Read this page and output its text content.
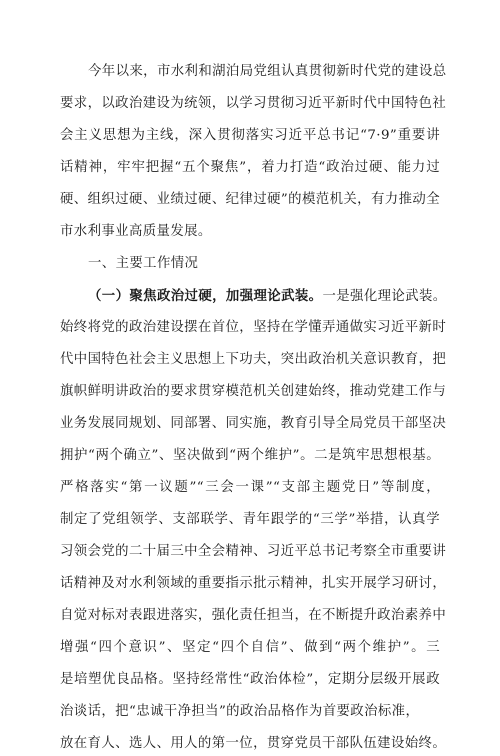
今年以来，市水利和湖泊局党组认真贯彻新时代党的建设总
要求，以政治建设为统领，以学习贯彻习近平新时代中国特色社
会主义思想为主线，深入贯彻落实习近平总书记“7·9”重要讲
话精神，牢牢把握“五个聚焦”，着力打造“政治过硬、能力过
硬、组织过硬、业绩过硬、纪律过硬”的模范机关，有力推动全
市水利事业高质量发展。
一、主要工作情况
（一）聚焦政治过硬，加强理论武装。一是强化理论武装。
始终将党的政治建设摆在首位，坚持在学懂弄通做实习近平新时
代中国特色社会主义思想上下功夫，突出政治机关意识教育，把
旗帜鲜明讲政治的要求贯穿模范机关创建始终，推动党建工作与
业务发展同规划、同部署、同实施，教育引导全局党员干部坚决
拥护“两个确立”、坚决做到“两个维护”。二是筑牢思想根基。
严格落实“第一议题”“三会一课”“支部主题党日”等制度，
制定了党组领学、支部联学、青年跟学的“三学”举措，认真学
习领会党的二十届三中全会精神、习近平总书记考察全市重要讲
话精神及对水利领域的重要指示批示精神，扎实开展学习研讨，
自觉对标对表跟进落实，强化责任担当，在不断提升政治素养中
增强“四个意识”、坚定“四个自信”、做到“两个维护”。三
是培塑优良品格。坚持经常性“政治体检”，定期分层级开展政
治谈话，把“忠诚干净担当”的政治品格作为首要政治标准，
放在育人、选人、用人的第一位，贯穿党员干部队伍建设始终。
